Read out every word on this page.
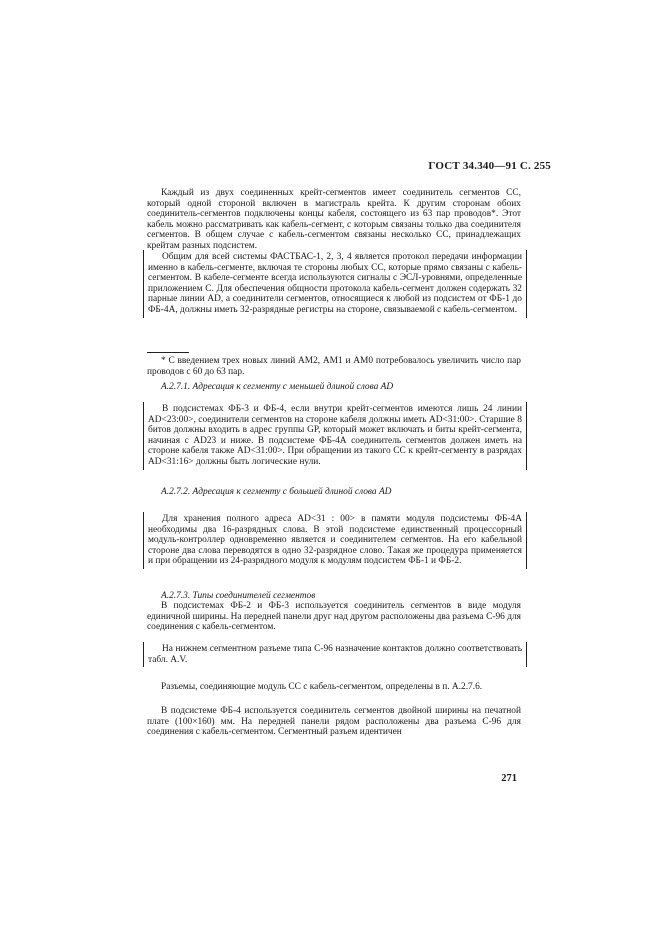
ГОСТ 34.340—91 С. 255

Каждый из двух соединенных крейт-сегментов имеет соединитель сегментов СС, который одной стороной включен в магистраль крейта. К другим сторонам обоих соединитель-сегментов подключены концы кабеля, состоящего из 63 пар проводов*. Этот кабель можно рассматривать как кабель-сегмент, с которым связаны только два соединителя сегментов. В общем случае с кабель-сегментом связаны несколько СС, принадлежащих крейтам разных подсистем.

Общим для всей системы ФАСТБАС-1, 2, 3, 4 является протокол передачи информации именно в кабель-сегменте, включая те стороны любых СС, которые прямо связаны с кабель-сегментом. В кабеле-сегменте всегда используются сигналы с ЭСЛ-уровнями, определенные приложением С. Для обеспечения общности протокола кабель-сегмент должен содержать 32 парные линии AD, а соединители сегментов, относящиеся к любой из подсистем от ФБ-1 до ФБ-4А, должны иметь 32-разрядные регистры на стороне, связываемой с кабель-сегментом.

* С введением трех новых линий АМ2, AM1 и АМ0 потребовалось увеличить число пар проводов с 60 до 63 пар.

А.2.7.1. Адресация к сегменту с меньшей длиной слова AD

В подсистемах ФБ-3 и ФБ-4, если внутри крейт-сегментов имеются лишь 24 линии AD<23:00>, соединители сегментов на стороне кабеля должны иметь AD<31:00>. Старшие 8 битов должны входить в адрес группы GP, который может включать и биты крейт-сегмента, начиная с AD23 и ниже. В подсистеме ФБ-4А соединитель сегментов должен иметь на стороне кабеля также AD<31:00>. При обращении из такого СС к крейт-сегменту в разрядах AD<31:16> должны быть логические нули.

А.2.7.2. Адресация к сегменту с большей длиной слова AD

Для хранения полного адреса AD<31 : 00> в памяти модуля подсистемы ФБ-4А необходимы два 16-разрядных слова. В этой подсистеме единственный процессорный модуль-контроллер одновременно является и соединителем сегментов. На его кабельной стороне два слова переводятся в одно 32-разрядное слово. Такая же процедура применяется и при обращении из 24-разрядного модуля к модулям подсистем ФБ-1 и ФБ-2.

А.2.7.3. Типы соединителей сегментов

В подсистемах ФБ-2 и ФБ-3 используется соединитель сегментов в виде модуля единичной ширины. На передней панели друг над другом расположены два разъема С-96 для соединения с кабель-сегментом.

На нижнем сегментном разъеме типа С-96 назначение контактов должно соответствовать табл. A.V.

Разъемы, соединяющие модуль СС с кабель-сегментом, определены в п. А.2.7.6.

В подсистеме ФБ-4 используется соединитель сегментов двойной ширины на печатной плате (100×160) мм. На передней панели рядом расположены два разъема С-96 для соединения с кабель-сегментом. Сегментный разъем идентичен

271
